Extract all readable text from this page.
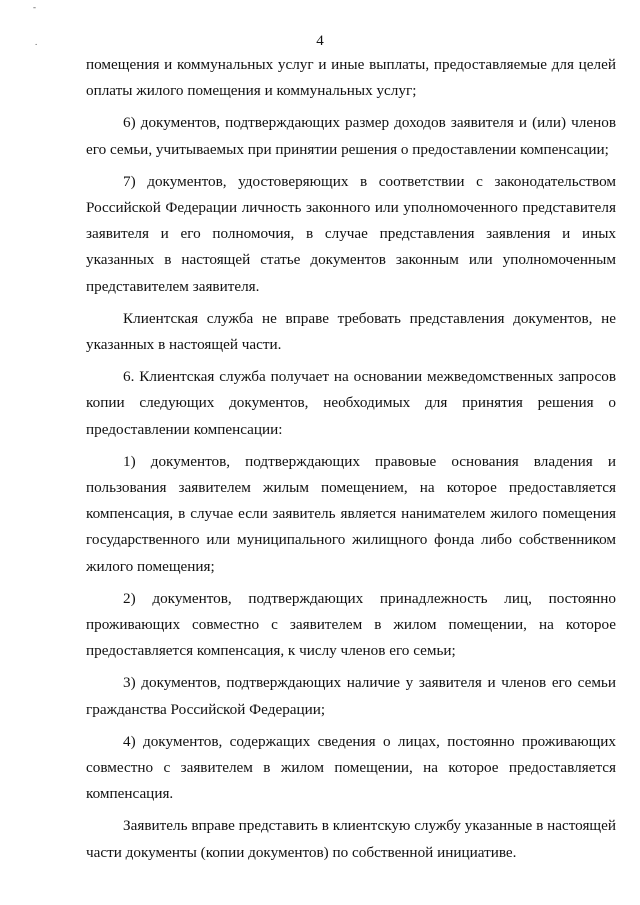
-
.	4

помещения и коммунальных услуг и иные выплаты, предоставляемые для целей оплаты жилого помещения и коммунальных услуг;

6) документов, подтверждающих размер доходов заявителя и (или) членов его семьи, учитываемых при принятии решения о предоставлении компенсации;

7) документов, удостоверяющих в соответствии с законодательством Российской Федерации личность законного или уполномоченного представителя заявителя и его полномочия, в случае представления заявления и иных указанных в настоящей статье документов законным или уполномоченным представителем заявителя.

Клиентская служба не вправе требовать представления документов, не указанных в настоящей части.

6. Клиентская служба получает на основании межведомственных запросов копии следующих документов, необходимых для принятия решения о предоставлении компенсации:

1) документов, подтверждающих правовые основания владения и пользования заявителем жилым помещением, на которое предоставляется компенсация, в случае если заявитель является нанимателем жилого помещения государственного или муниципального жилищного фонда либо собственником жилого помещения;

2) документов, подтверждающих принадлежность лиц, постоянно проживающих совместно с заявителем в жилом помещении, на которое предоставляется компенсация, к числу членов его семьи;

3) документов, подтверждающих наличие у заявителя и членов его семьи гражданства Российской Федерации;

4) документов, содержащих сведения о лицах, постоянно проживающих совместно с заявителем в жилом помещении, на которое предоставляется компенсация.

Заявитель вправе представить в клиентскую службу указанные в настоящей части документы (копии документов) по собственной инициативе.
